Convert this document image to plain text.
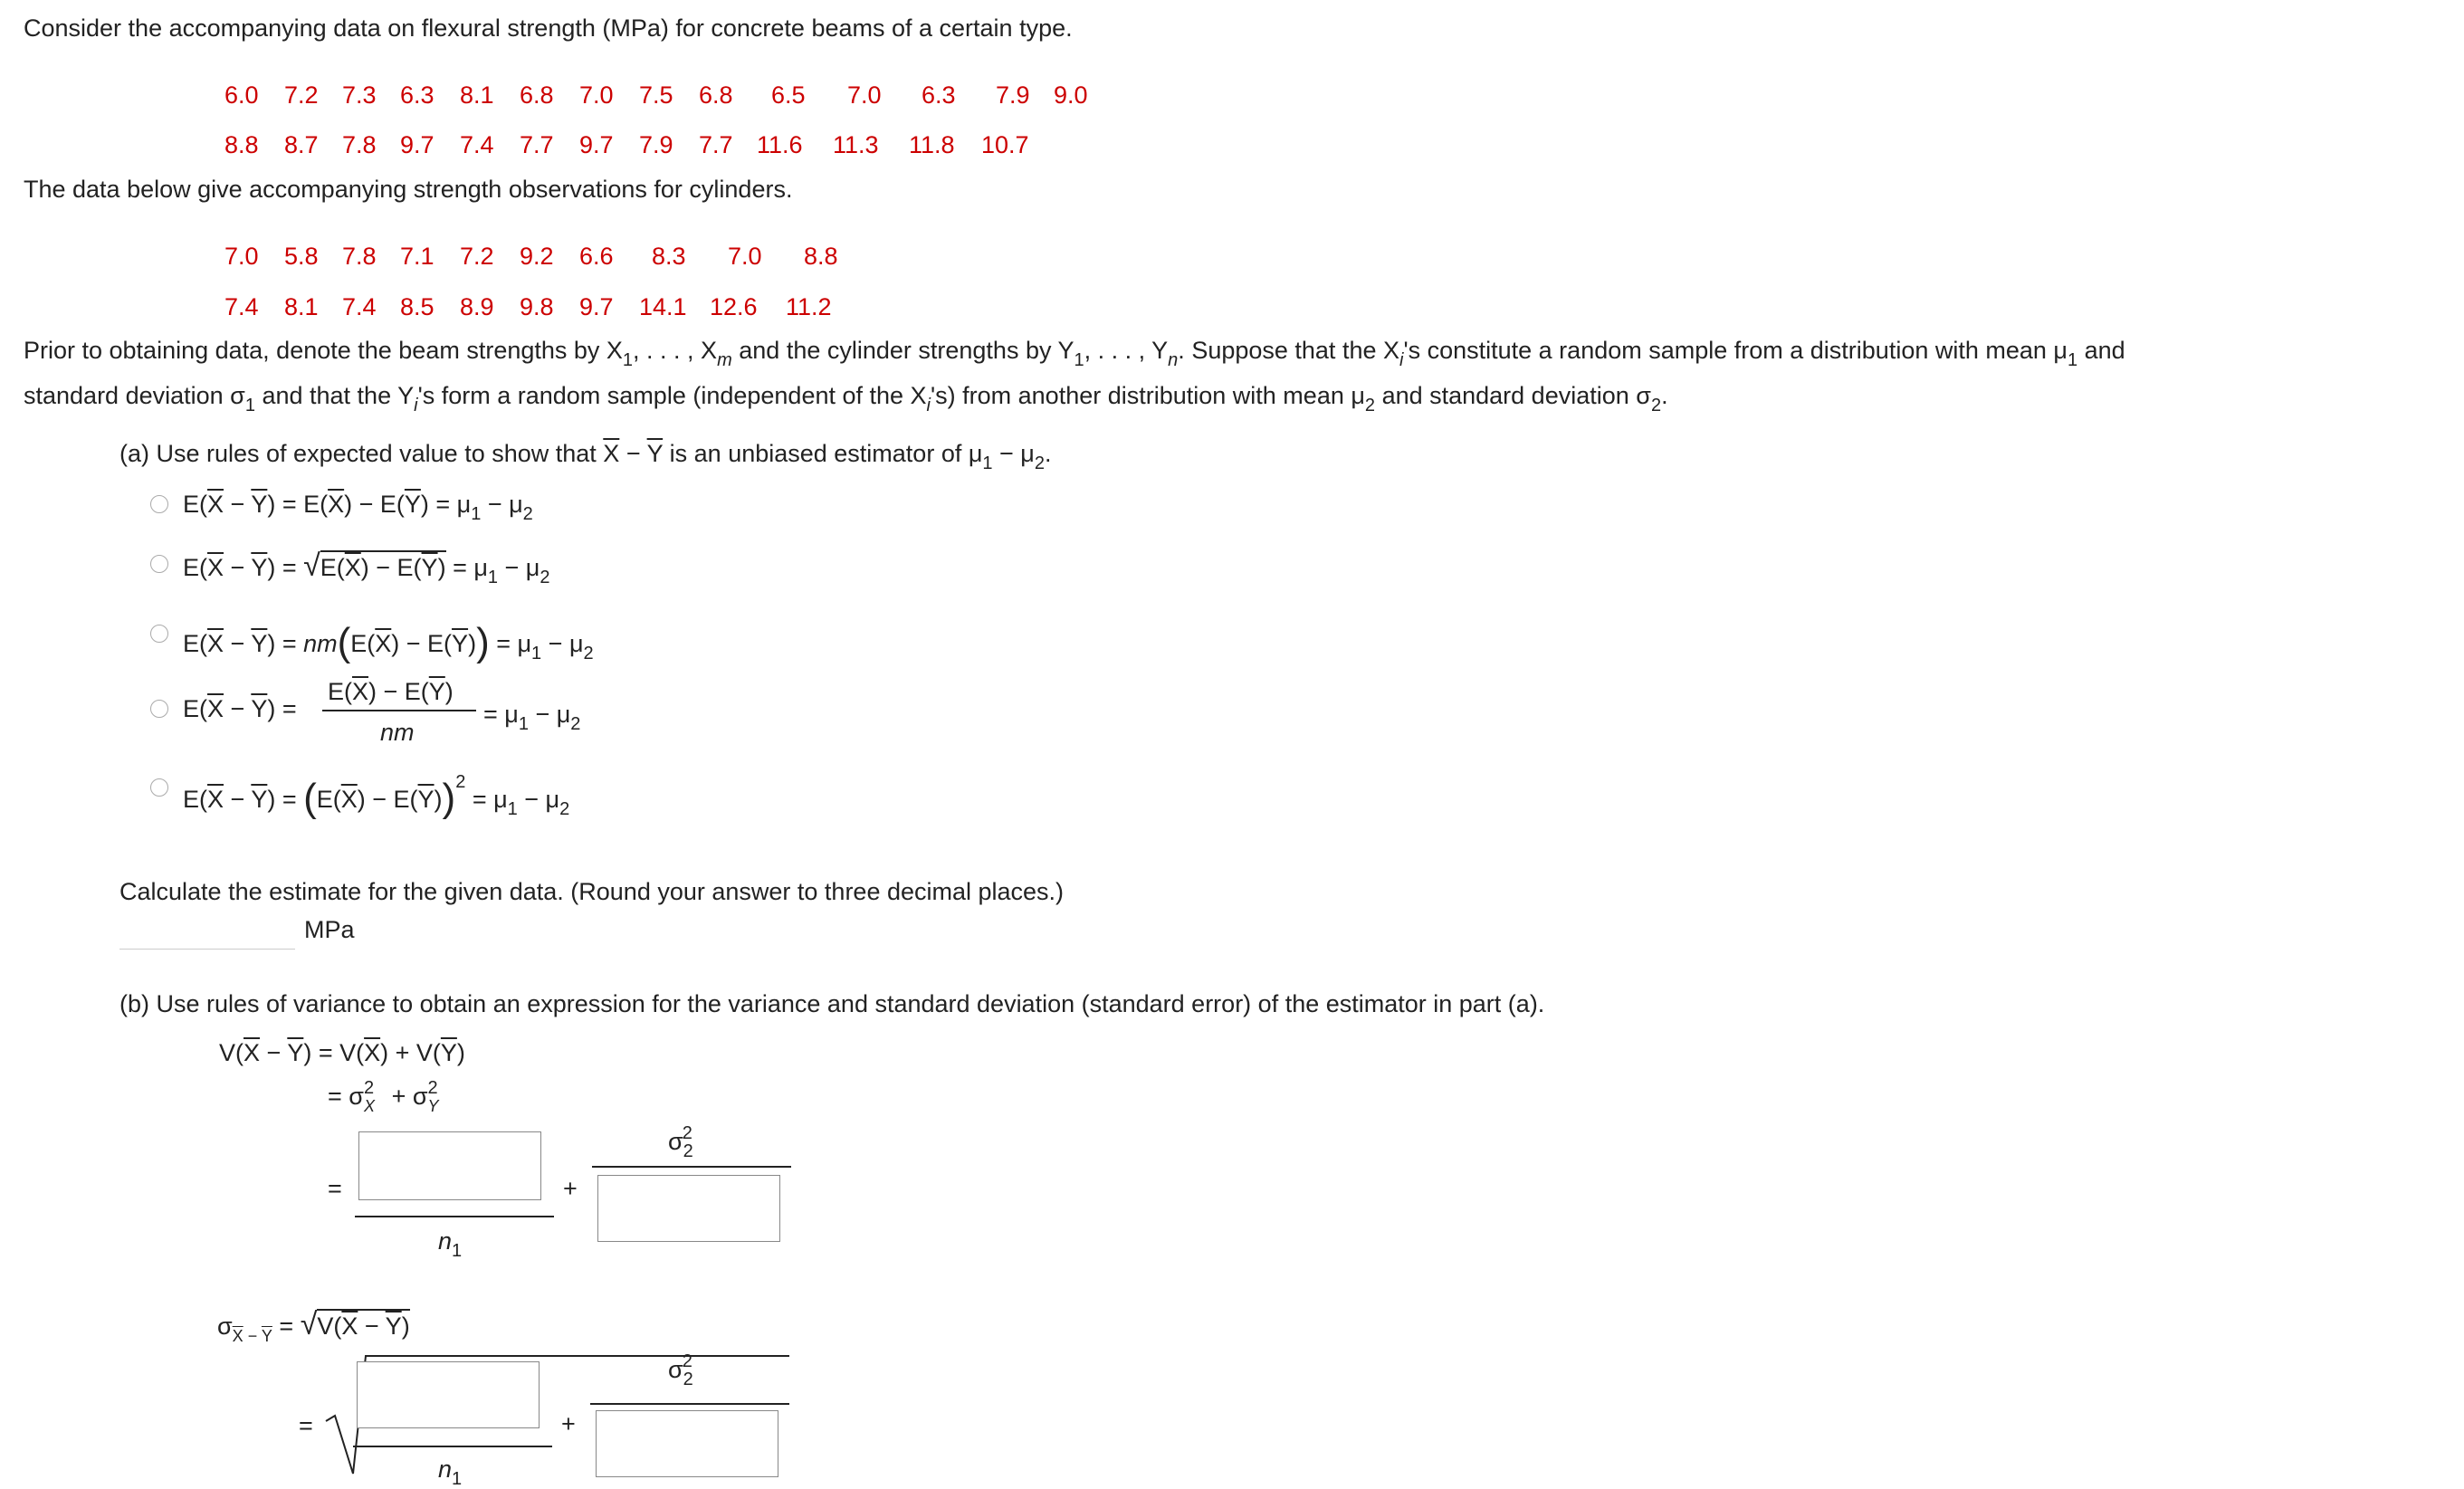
Consider the accompanying data on flexural strength (MPa) for concrete beams of a certain type.
6.0 7.2 7.3 6.3 8.1 6.8 7.0 7.5 6.8 6.5 7.0 6.3 7.9 9.0
8.8 8.7 7.8 9.7 7.4 7.7 9.7 7.9 7.7 11.6 11.3 11.8 10.7
The data below give accompanying strength observations for cylinders.
7.0 5.8 7.8 7.1 7.2 9.2 6.6 8.3 7.0 8.8
7.4 8.1 7.4 8.5 8.9 9.8 9.7 14.1 12.6 11.2
Prior to obtaining data, denote the beam strengths by $X_1$, . . . , $X_m$ and the cylinder strengths by $Y_1$, . . . , $Y_n$. Suppose that the $X_i's$ constitute a random sample from a distribution with mean $\mu_1$ and
standard deviation $\sigma_1$ and that the $Y_i's$ form a random sample (independent of the $X_i's$) from another distribution with mean $\mu_2$ and standard deviation $\sigma_2$.
(a) Use rules of expected value to show that $\overline{X} - \overline{Y}$ is an unbiased estimator of $\mu_1 - \mu_2$.
$E(\overline{X} - \overline{Y}) = E(\overline{X}) - E(\overline{Y}) = \mu_1 - \mu_2$
$E(\overline{X} - \overline{Y}) = √E(\overline{X}) - E(\overline{Y}) = \mu_1 - \mu_2$
$E(\overline{X} - \overline{Y}) = nm(E(\overline{X}) - E(\overline{Y})) = \mu_1 - \mu_2$
$E(\overline{X} - \overline{Y})$ =
$E(\overline{X}) - E(\overline{Y})$
nm
= $\mu_1 - \mu_2$
$E(\overline{X} - \overline{Y}) = (E(\overline{X}) - E(\overline{Y}))^2 = \mu_1 - \mu_2$
Calculate the estimate for the given data. (Round your answer to three decimal places.)
MPa
(b) Use rules of variance to obtain an expression for the variance and standard deviation (standard error) of the estimator in part (a).
$V(\overline{X} - \overline{Y}) = V(\overline{X}) + V(\overline{Y})$
= $\sigma_X^2 + \sigma_Y^2$
=
$n_1$
+
$\sigma_2^2$
$\sigma_{\overline{X} - \overline{Y}} = √V(\overline{X} - \overline{Y})$
=
$n_1$
+
$\sigma_2^2$
